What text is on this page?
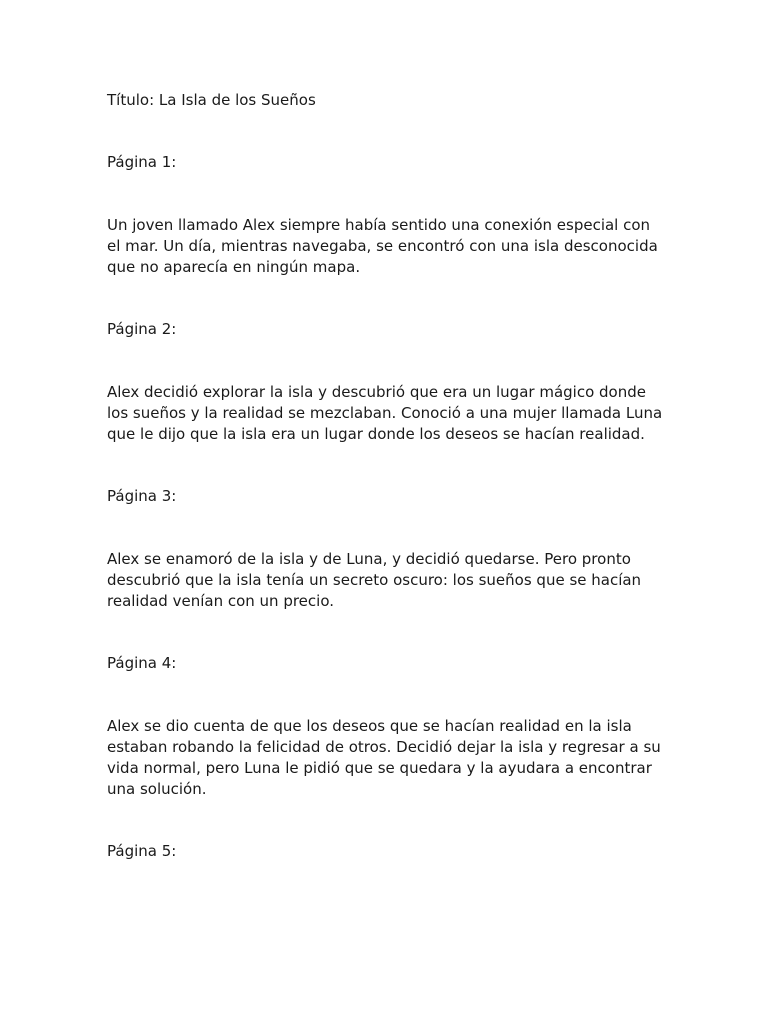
Título: La Isla de los Sueños

Página 1:

Un joven llamado Alex siempre había sentido una conexión especial con el mar. Un día, mientras navegaba, se encontró con una isla desconocida que no aparecía en ningún mapa.

Página 2:

Alex decidió explorar la isla y descubrió que era un lugar mágico donde los sueños y la realidad se mezclaban. Conoció a una mujer llamada Luna que le dijo que la isla era un lugar donde los deseos se hacían realidad.

Página 3:

Alex se enamoró de la isla y de Luna, y decidió quedarse. Pero pronto descubrió que la isla tenía un secreto oscuro: los sueños que se hacían realidad venían con un precio.

Página 4:

Alex se dio cuenta de que los deseos que se hacían realidad en la isla estaban robando la felicidad de otros. Decidió dejar la isla y regresar a su vida normal, pero Luna le pidió que se quedara y la ayudara a encontrar una solución.

Página 5:
